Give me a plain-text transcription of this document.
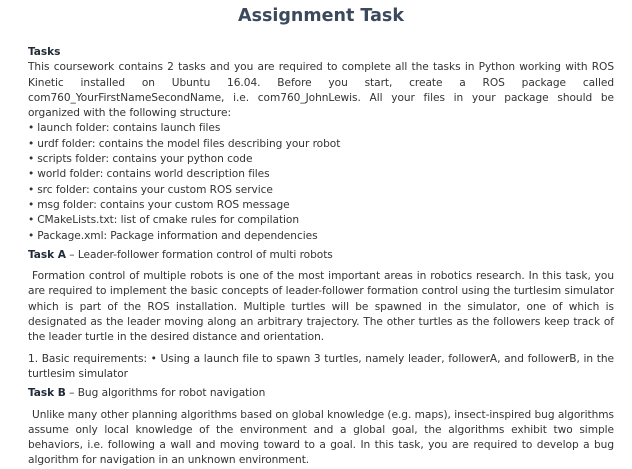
Assignment Task

Tasks

This coursework contains 2 tasks and you are required to complete all the tasks in Python working with ROS Kinetic installed on Ubuntu 16.04. Before you start, create a ROS package called com760_YourFirstNameSecondName, i.e. com760_JohnLewis. All your files in your package should be organized with the following structure:

• launch folder: contains launch files
• urdf folder: contains the model files describing your robot
• scripts folder: contains your python code
• world folder: contains world description files
• src folder: contains your custom ROS service
• msg folder: contains your custom ROS message
• CMakeLists.txt: list of cmake rules for compilation
• Package.xml: Package information and dependencies

Task A – Leader-follower formation control of multi robots

Formation control of multiple robots is one of the most important areas in robotics research. In this task, you are required to implement the basic concepts of leader-follower formation control using the turtlesim simulator which is part of the ROS installation. Multiple turtles will be spawned in the simulator, one of which is designated as the leader moving along an arbitrary trajectory. The other turtles as the followers keep track of the leader turtle in the desired distance and orientation.

1. Basic requirements: • Using a launch file to spawn 3 turtles, namely leader, followerA, and followerB, in the turtlesim simulator

Task B – Bug algorithms for robot navigation

Unlike many other planning algorithms based on global knowledge (e.g. maps), insect-inspired bug algorithms assume only local knowledge of the environment and a global goal, the algorithms exhibit two simple behaviors, i.e. following a wall and moving toward to a goal. In this task, you are required to develop a bug algorithm for navigation in an unknown environment.
